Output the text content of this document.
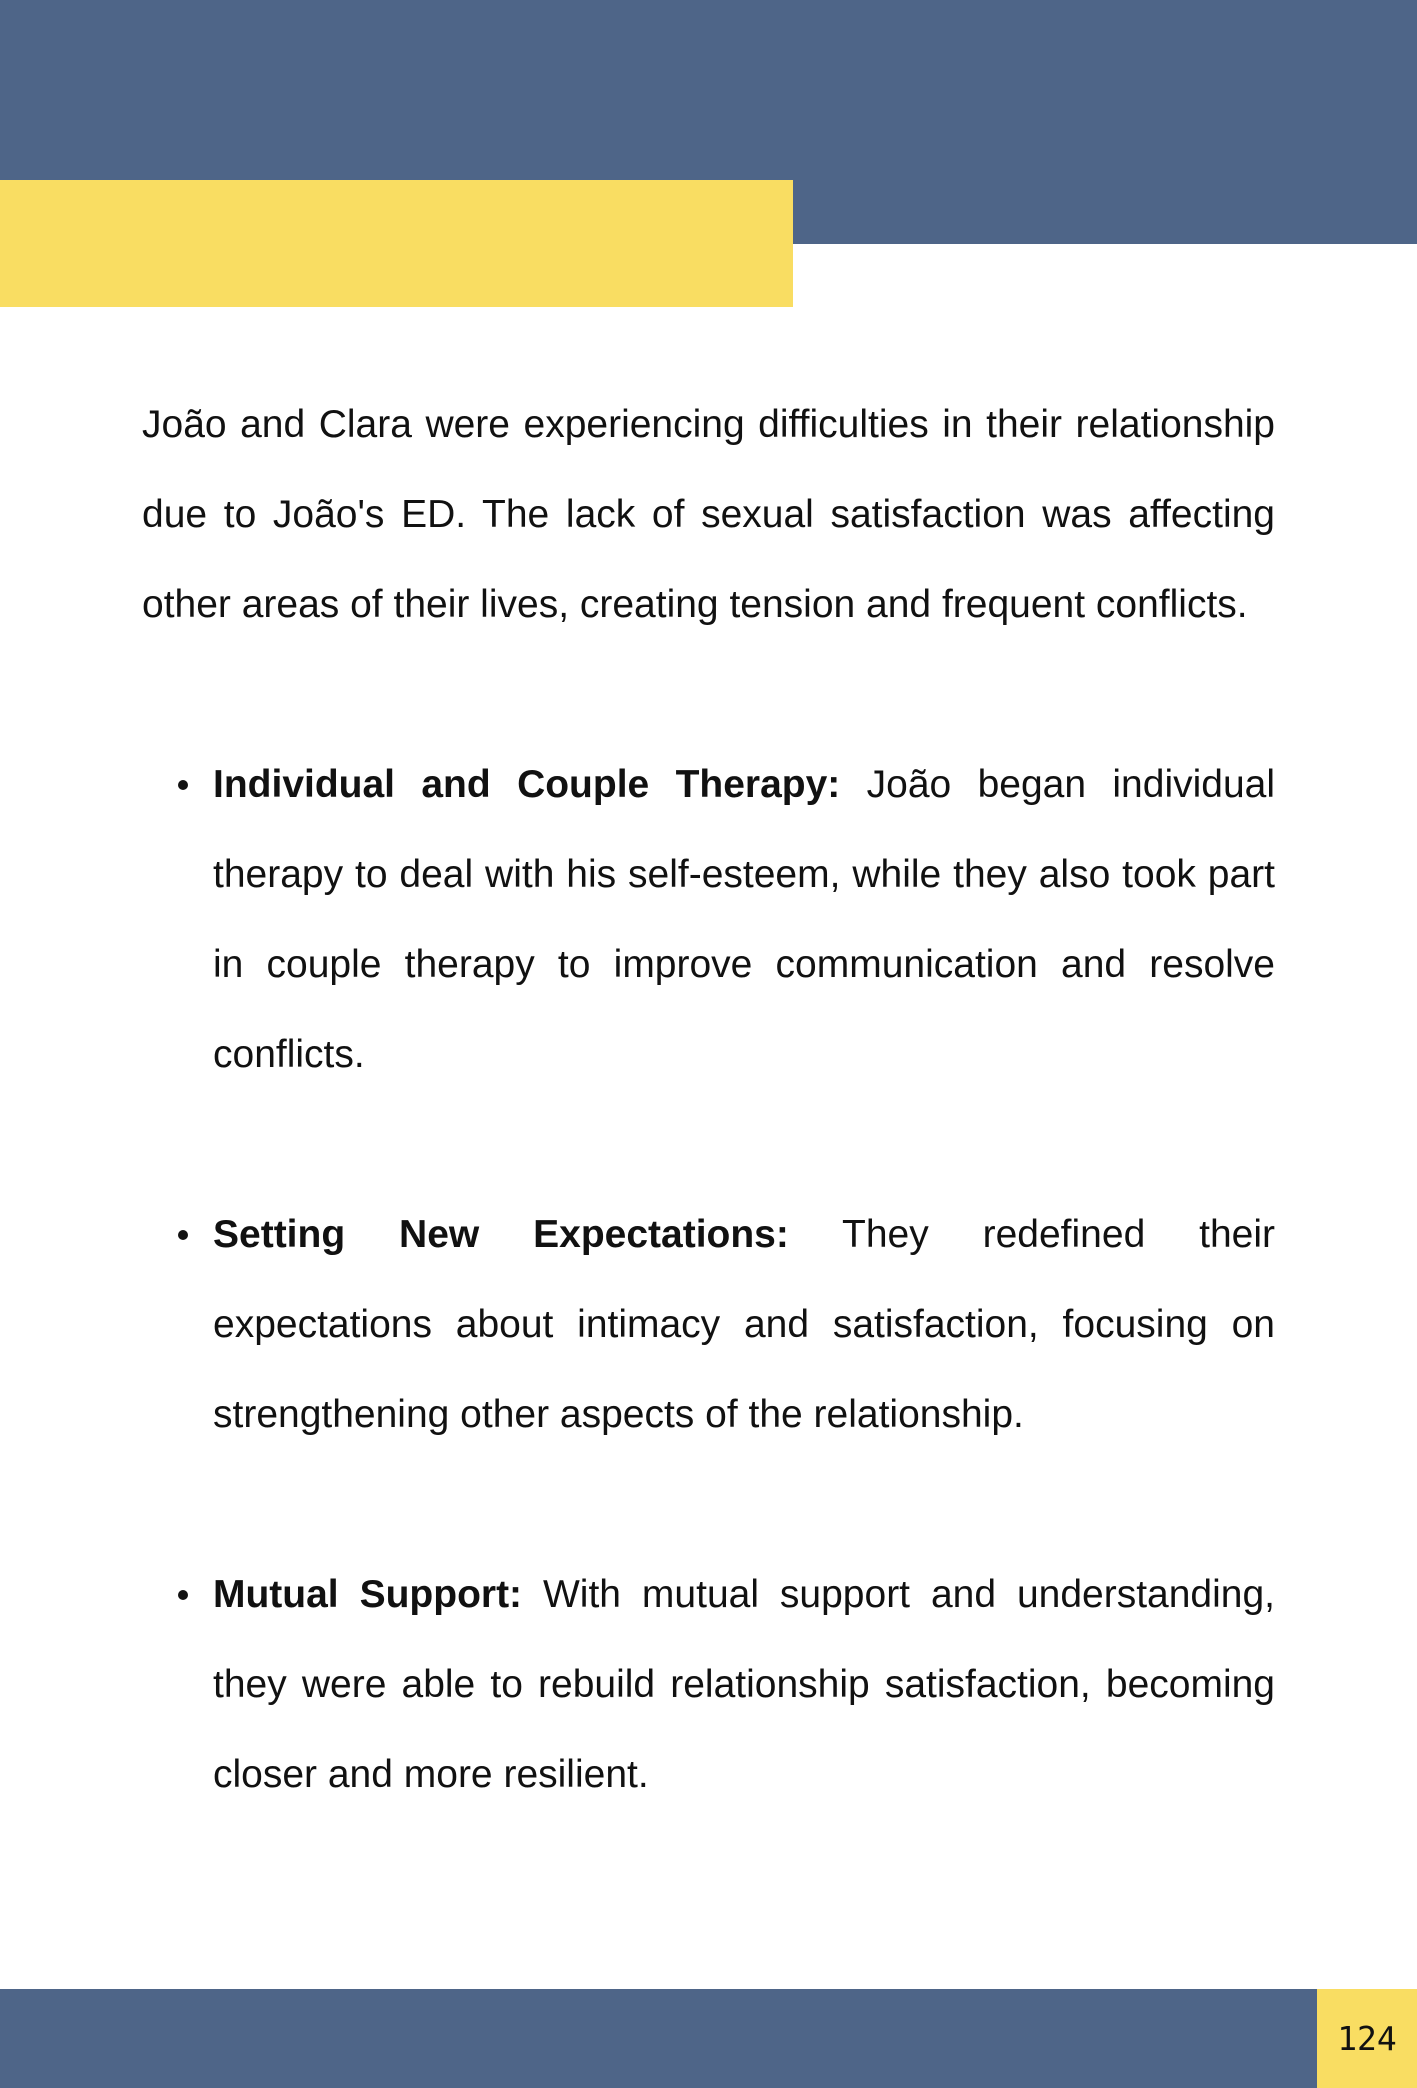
João and Clara were experiencing difficulties in their relationship due to João's ED. The lack of sexual satisfaction was affecting other areas of their lives, creating tension and frequent conflicts.

Individual and Couple Therapy: João began individual therapy to deal with his self-esteem, while they also took part in couple therapy to improve communication and resolve conflicts.
Setting New Expectations: They redefined their expectations about intimacy and satisfaction, focusing on strengthening other aspects of the relationship.
Mutual Support: With mutual support and understanding, they were able to rebuild relationship satisfaction, becoming closer and more resilient.
124
